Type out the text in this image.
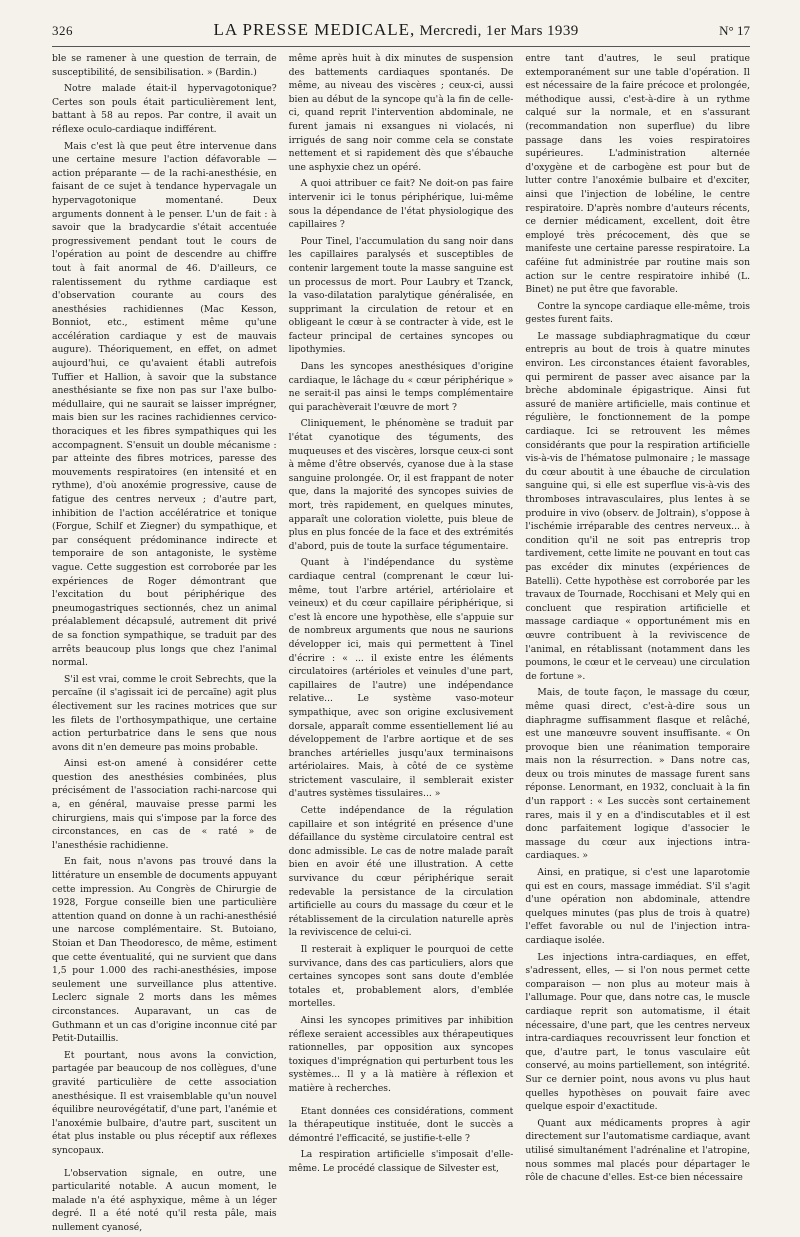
326	LA PRESSE MEDICALE, Mercredi, 1er Mars 1939	N° 17

ble se ramener à une question de terrain, de susceptibilité, de sensibilisation. » (Bardin.)

Notre malade était-il hypervagotonique? Certes son pouls était particulièrement lent, battant à 58 au repos. Par contre, il avait un réflexe oculo-cardiaque indifférent.

Mais c'est là que peut être intervenue dans une certaine mesure l'action défavorable — action préparante — de la rachi-anesthésie, en faisant de ce sujet à tendance hypervagale un hypervagotonique momentané. Deux arguments donnent à le penser. L'un de fait : à savoir que la bradycardie s'était accentuée progressivement pendant tout le cours de l'opération au point de descendre au chiffre tout à fait anormal de 46. D'ailleurs, ce ralentissement du rythme cardiaque est d'observation courante au cours des anesthésies rachidiennes (Mac Kesson, Bonniot, etc., estiment même qu'une accélération cardiaque y est de mauvais augure). Théoriquement, en effet, on admet aujourd'hui, ce qu'avaient établi autrefois Tuffier et Hallion, à savoir que la substance anesthésiante se fixe non pas sur l'axe bulbo-médullaire, qui ne saurait se laisser imprégner, mais bien sur les racines rachidiennes cervico-thoraciques et les fibres sympathiques qui les accompagnent. S'ensuit un double mécanisme : par atteinte des fibres motrices, paresse des mouvements respiratoires (en intensité et en rythme), d'où anoxémie progressive, cause de fatigue des centres nerveux ; d'autre part, inhibition de l'action accélératrice et tonique (Forgue, Schilf et Ziegner) du sympathique, et par conséquent prédominance indirecte et temporaire de son antagoniste, le système vague. Cette suggestion est corroborée par les expériences de Roger démontrant que l'excitation du bout périphérique des pneumogastriques sectionnés, chez un animal préalablement décapsulé, autrement dit privé de sa fonction sympathique, se traduit par des arrêts beaucoup plus longs que chez l'animal normal.

S'il est vrai, comme le croit Sebrechts, que la percaïne (il s'agissait ici de percaïne) agit plus électivement sur les racines motrices que sur les filets de l'orthosympathique, une certaine action perturbatrice dans le sens que nous avons dit n'en demeure pas moins probable.

Ainsi est-on amené à considérer cette question des anesthésies combinées, plus précisément de l'association rachi-narcose qui a, en général, mauvaise presse parmi les chirurgiens, mais qui s'impose par la force des circonstances, en cas de « raté » de l'anesthésie rachidienne.

En fait, nous n'avons pas trouvé dans la littérature un ensemble de documents appuyant cette impression. Au Congrès de Chirurgie de 1928, Forgue conseille bien une particulière attention quand on donne à un rachi-anesthésié une narcose complémentaire. St. Butoiano, Stoian et Dan Theodoresco, de même, estiment que cette éventualité, qui ne survient que dans 1,5 pour 1.000 des rachi-anesthésies, impose seulement une surveillance plus attentive. Leclerc signale 2 morts dans les mêmes circonstances. Auparavant, un cas de Guthmann et un cas d'origine inconnue cité par Petit-Dutaillis.

Et pourtant, nous avons la conviction, partagée par beaucoup de nos collègues, d'une gravité particulière de cette association anesthésique. Il est vraisemblable qu'un nouvel équilibre neurovégétatif, d'une part, l'anémie et l'anoxémie bulbaire, d'autre part, suscitent un état plus instable ou plus réceptif aux réflexes syncopaux.

L'observation signale, en outre, une particularité notable. A aucun moment, le malade n'a été asphyxique, même à un léger degré. Il a été noté qu'il resta pâle, mais nullement cyanosé,

même après huit à dix minutes de suspension des battements cardiaques spontanés. De même, au niveau des viscères ; ceux-ci, aussi bien au début de la syncope qu'à la fin de celle-ci, quand reprit l'intervention abdominale, ne furent jamais ni exsangues ni violacés, ni irrigués de sang noir comme cela se constate nettement et si rapidement dès que s'ébauche une asphyxie chez un opéré.

A quoi attribuer ce fait? Ne doit-on pas faire intervenir ici le tonus périphérique, lui-même sous la dépendance de l'état physiologique des capillaires ?

Pour Tinel, l'accumulation du sang noir dans les capillaires paralysés et susceptibles de contenir largement toute la masse sanguine est un processus de mort. Pour Laubry et Tzanck, la vaso-dilatation paralytique généralisée, en supprimant la circulation de retour et en obligeant le cœur à se contracter à vide, est le facteur principal de certaines syncopes ou lipothymies.

Dans les syncopes anesthésiques d'origine cardiaque, le lâchage du « cœur périphérique » ne serait-il pas ainsi le temps complémentaire qui parachèverait l'œuvre de mort ?

Cliniquement, le phénomène se traduit par l'état cyanotique des téguments, des muqueuses et des viscères, lorsque ceux-ci sont à même d'être observés, cyanose due à la stase sanguine prolongée. Or, il est frappant de noter que, dans la majorité des syncopes suivies de mort, très rapidement, en quelques minutes, apparaît une coloration violette, puis bleue de plus en plus foncée de la face et des extrémités d'abord, puis de toute la surface tégumentaire.

Quant à l'indépendance du système cardiaque central (comprenant le cœur lui-même, tout l'arbre artériel, artériolaire et veineux) et du cœur capillaire périphérique, si c'est là encore une hypothèse, elle s'appuie sur de nombreux arguments que nous ne saurions développer ici, mais qui permettent à Tinel d'écrire : « ... il existe entre les éléments circulatoires (artérioles et veinules d'une part, capillaires de l'autre) une indépendance relative... Le système vaso-moteur sympathique, avec son origine exclusivement dorsale, apparaît comme essentiellement lié au développement de l'arbre aortique et de ses branches artérielles jusqu'aux terminaisons artériolaires. Mais, à côté de ce système strictement vasculaire, il semblerait exister d'autres systèmes tissulaires... »

Cette indépendance de la régulation capillaire et son intégrité en présence d'une défaillance du système circulatoire central est donc admissible. Le cas de notre malade paraît bien en avoir été une illustration. A cette survivance du cœur périphérique serait redevable la persistance de la circulation artificielle au cours du massage du cœur et le rétablissement de la circulation naturelle après la reviviscence de celui-ci.

Il resterait à expliquer le pourquoi de cette survivance, dans des cas particuliers, alors que certaines syncopes sont sans doute d'emblée totales et, probablement alors, d'emblée mortelles.

Ainsi les syncopes primitives par inhibition réflexe seraient accessibles aux thérapeutiques rationnelles, par opposition aux syncopes toxiques d'imprégnation qui perturbent tous les systèmes... Il y a là matière à réflexion et matière à recherches.

Etant données ces considérations, comment la thérapeutique instituée, dont le succès a démontré l'efficacité, se justifie-t-elle ?

La respiration artificielle s'imposait d'elle-même. Le procédé classique de Silvester est,

entre tant d'autres, le seul pratique extemporanément sur une table d'opération. Il est nécessaire de la faire précoce et prolongée, méthodique aussi, c'est-à-dire à un rythme calqué sur la normale, et en s'assurant (recommandation non superflue) du libre passage dans les voies respiratoires supérieures. L'administration alternée d'oxygène et de carbogène est pour but de lutter contre l'anoxémie bulbaire et d'exciter, ainsi que l'injection de lobéline, le centre respiratoire. D'après nombre d'auteurs récents, ce dernier médicament, excellent, doit être employé très précocement, dès que se manifeste une certaine paresse respiratoire. La caféine fut administrée par routine mais son action sur le centre respiratoire inhibé (L. Binet) ne put être que favorable.

Contre la syncope cardiaque elle-même, trois gestes furent faits.

Le massage subdiaphragmatique du cœur entrepris au bout de trois à quatre minutes environ. Les circonstances étaient favorables, qui permirent de passer avec aisance par la brèche abdominale épigastrique. Ainsi fut assuré de manière artificielle, mais continue et régulière, le fonctionnement de la pompe cardiaque. Ici se retrouvent les mêmes considérants que pour la respiration artificielle vis-à-vis de l'hématose pulmonaire ; le massage du cœur aboutit à une ébauche de circulation sanguine qui, si elle est superflue vis-à-vis des thromboses intravasculaires, plus lentes à se produire in vivo (observ. de Joltrain), s'oppose à l'ischémie irréparable des centres nerveux... à condition qu'il ne soit pas entrepris trop tardivement, cette limite ne pouvant en tout cas pas excéder dix minutes (expériences de Batelli). Cette hypothèse est corroborée par les travaux de Tournade, Rocchisani et Mely qui en concluent que respiration artificielle et massage cardiaque « opportunément mis en œuvre contribuent à la reviviscence de l'animal, en rétablissant (notamment dans les poumons, le cœur et le cerveau) une circulation de fortune ».

Mais, de toute façon, le massage du cœur, même quasi direct, c'est-à-dire sous un diaphragme suffisamment flasque et relâché, est une manœuvre souvent insuffisante. « On provoque bien une réanimation temporaire mais non la résurrection. » Dans notre cas, deux ou trois minutes de massage furent sans réponse. Lenormant, en 1932, concluait à la fin d'un rapport : « Les succès sont certainement rares, mais il y en a d'indiscutables et il est donc parfaitement logique d'associer le massage du cœur aux injections intra-cardiaques. »

Ainsi, en pratique, si c'est une laparotomie qui est en cours, massage immédiat. S'il s'agit d'une opération non abdominale, attendre quelques minutes (pas plus de trois à quatre) l'effet favorable ou nul de l'injection intra-cardiaque isolée.

Les injections intra-cardiaques, en effet, s'adressent, elles, — si l'on nous permet cette comparaison — non plus au moteur mais à l'allumage. Pour que, dans notre cas, le muscle cardiaque reprit son automatisme, il était nécessaire, d'une part, que les centres nerveux intra-cardiaques recouvrissent leur fonction et que, d'autre part, le tonus vasculaire eût conservé, au moins partiellement, son intégrité. Sur ce dernier point, nous avons vu plus haut quelles hypothèses on pouvait faire avec quelque espoir d'exactitude.

Quant aux médicaments propres à agir directement sur l'automatisme cardiaque, avant utilisé simultanément l'adrénaline et l'atropine, nous sommes mal placés pour départager le rôle de chacune d'elles. Est-ce bien nécessaire
